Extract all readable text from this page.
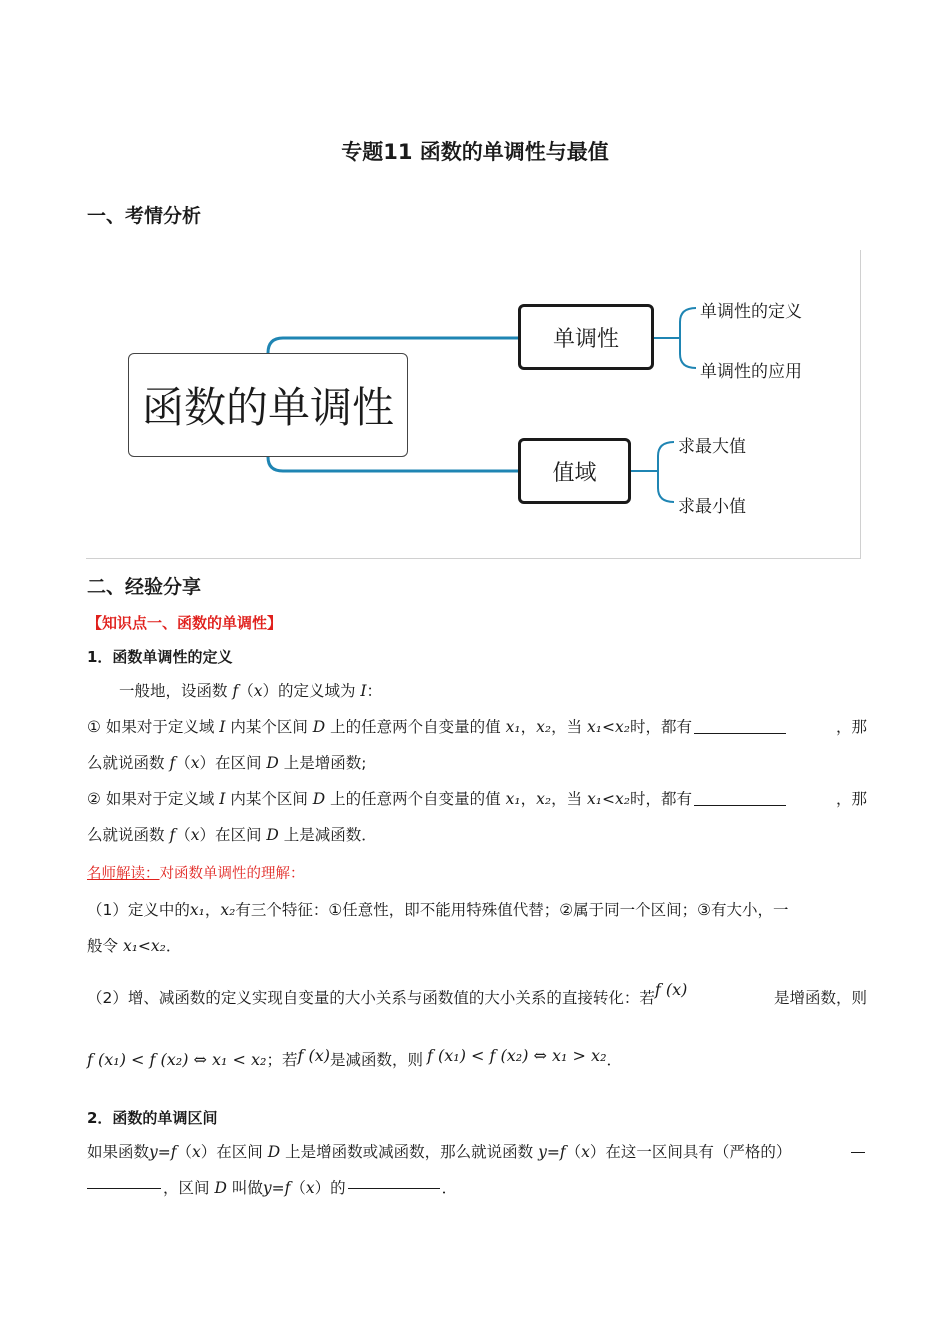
专题11 函数的单调性与最值
一、考情分析
函数的单调性
单调性
值域
单调性的定义
单调性的应用
求最大值
求最小值
二、经验分享
【知识点一、函数的单调性】
1．函数单调性的定义
一般地，设函数
f （ x ）的定义域为
I ：
① 如果对于定义域 I 内某个区间 D 上的任意两个自变量的值 x₁，x₂，当 x₁<x₂时，都有	，那
么就说函数
f （ x ）在区间
D
上是增函数;
② 如果对于定义域 I 内某个区间 D 上的任意两个自变量的值 x₁，x₂，当 x₁<x₂时，都有	，那
么就说函数
f （ x ）在区间
D
上是减函数．
名师解读： 对函数单调性的理解：
（1）定义中的x₁，x₂有三个特征：①任意性，即不能用特殊值代替；②属于同一个区间；③有大小，一
般令
x₁ < x₂ ．
（2）增、减函数的定义实现自变量的大小关系与函数值的大小关系的直接转化：若f (x)	是增函数，则
f (x₁) < f (x₂) ⇔ x₁ < x₂ ；若 f (x) 是减函数，则 f (x₁) < f (x₂) ⇔ x₁ > x₂ ．
2．函数的单调区间
如果函数y=f（x）在区间 D 上是增函数或减函数，那么就说函数 y=f（x）在这一区间具有（严格的）
，区间
D
叫做 y = f （ x ）的	．
